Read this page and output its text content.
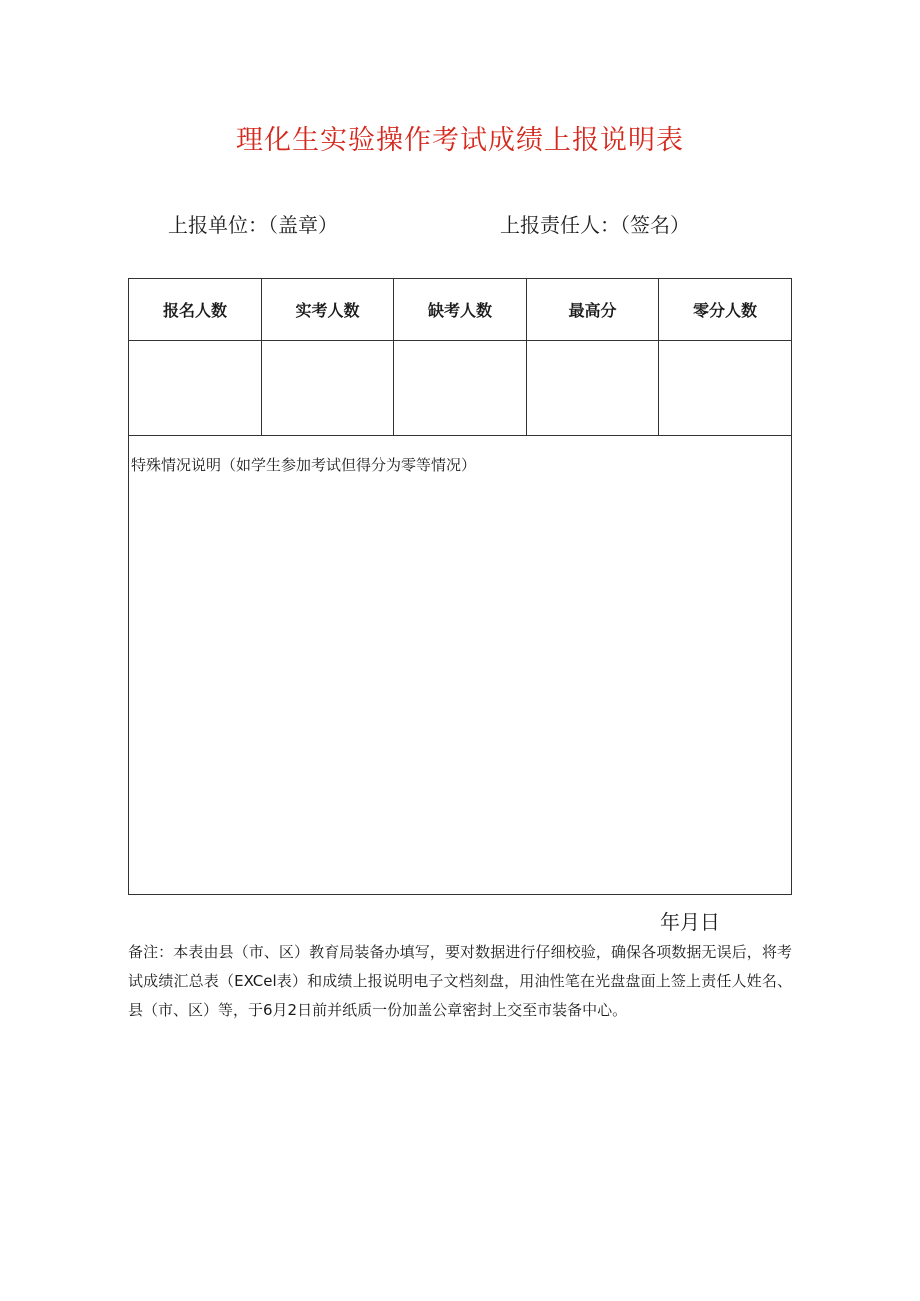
理化生实验操作考试成绩上报说明表
上报单位：（盖章）	上报责任人：（签名）
报名人数	实考人数	缺考人数	最高分	零分人数

特殊情况说明（如学生参加考试但得分为零等情况）				
年月日
备注：本表由县（市、区）教育局装备办填写，要对数据进行仔细校验，确保各项数据无误后，将考试成绩汇总表（EXCel表）和成绩上报说明电子文档刻盘，用油性笔在光盘盘面上签上责任人姓名、县（市、区）等，于6月2日前并纸质一份加盖公章密封上交至市装备中心。
